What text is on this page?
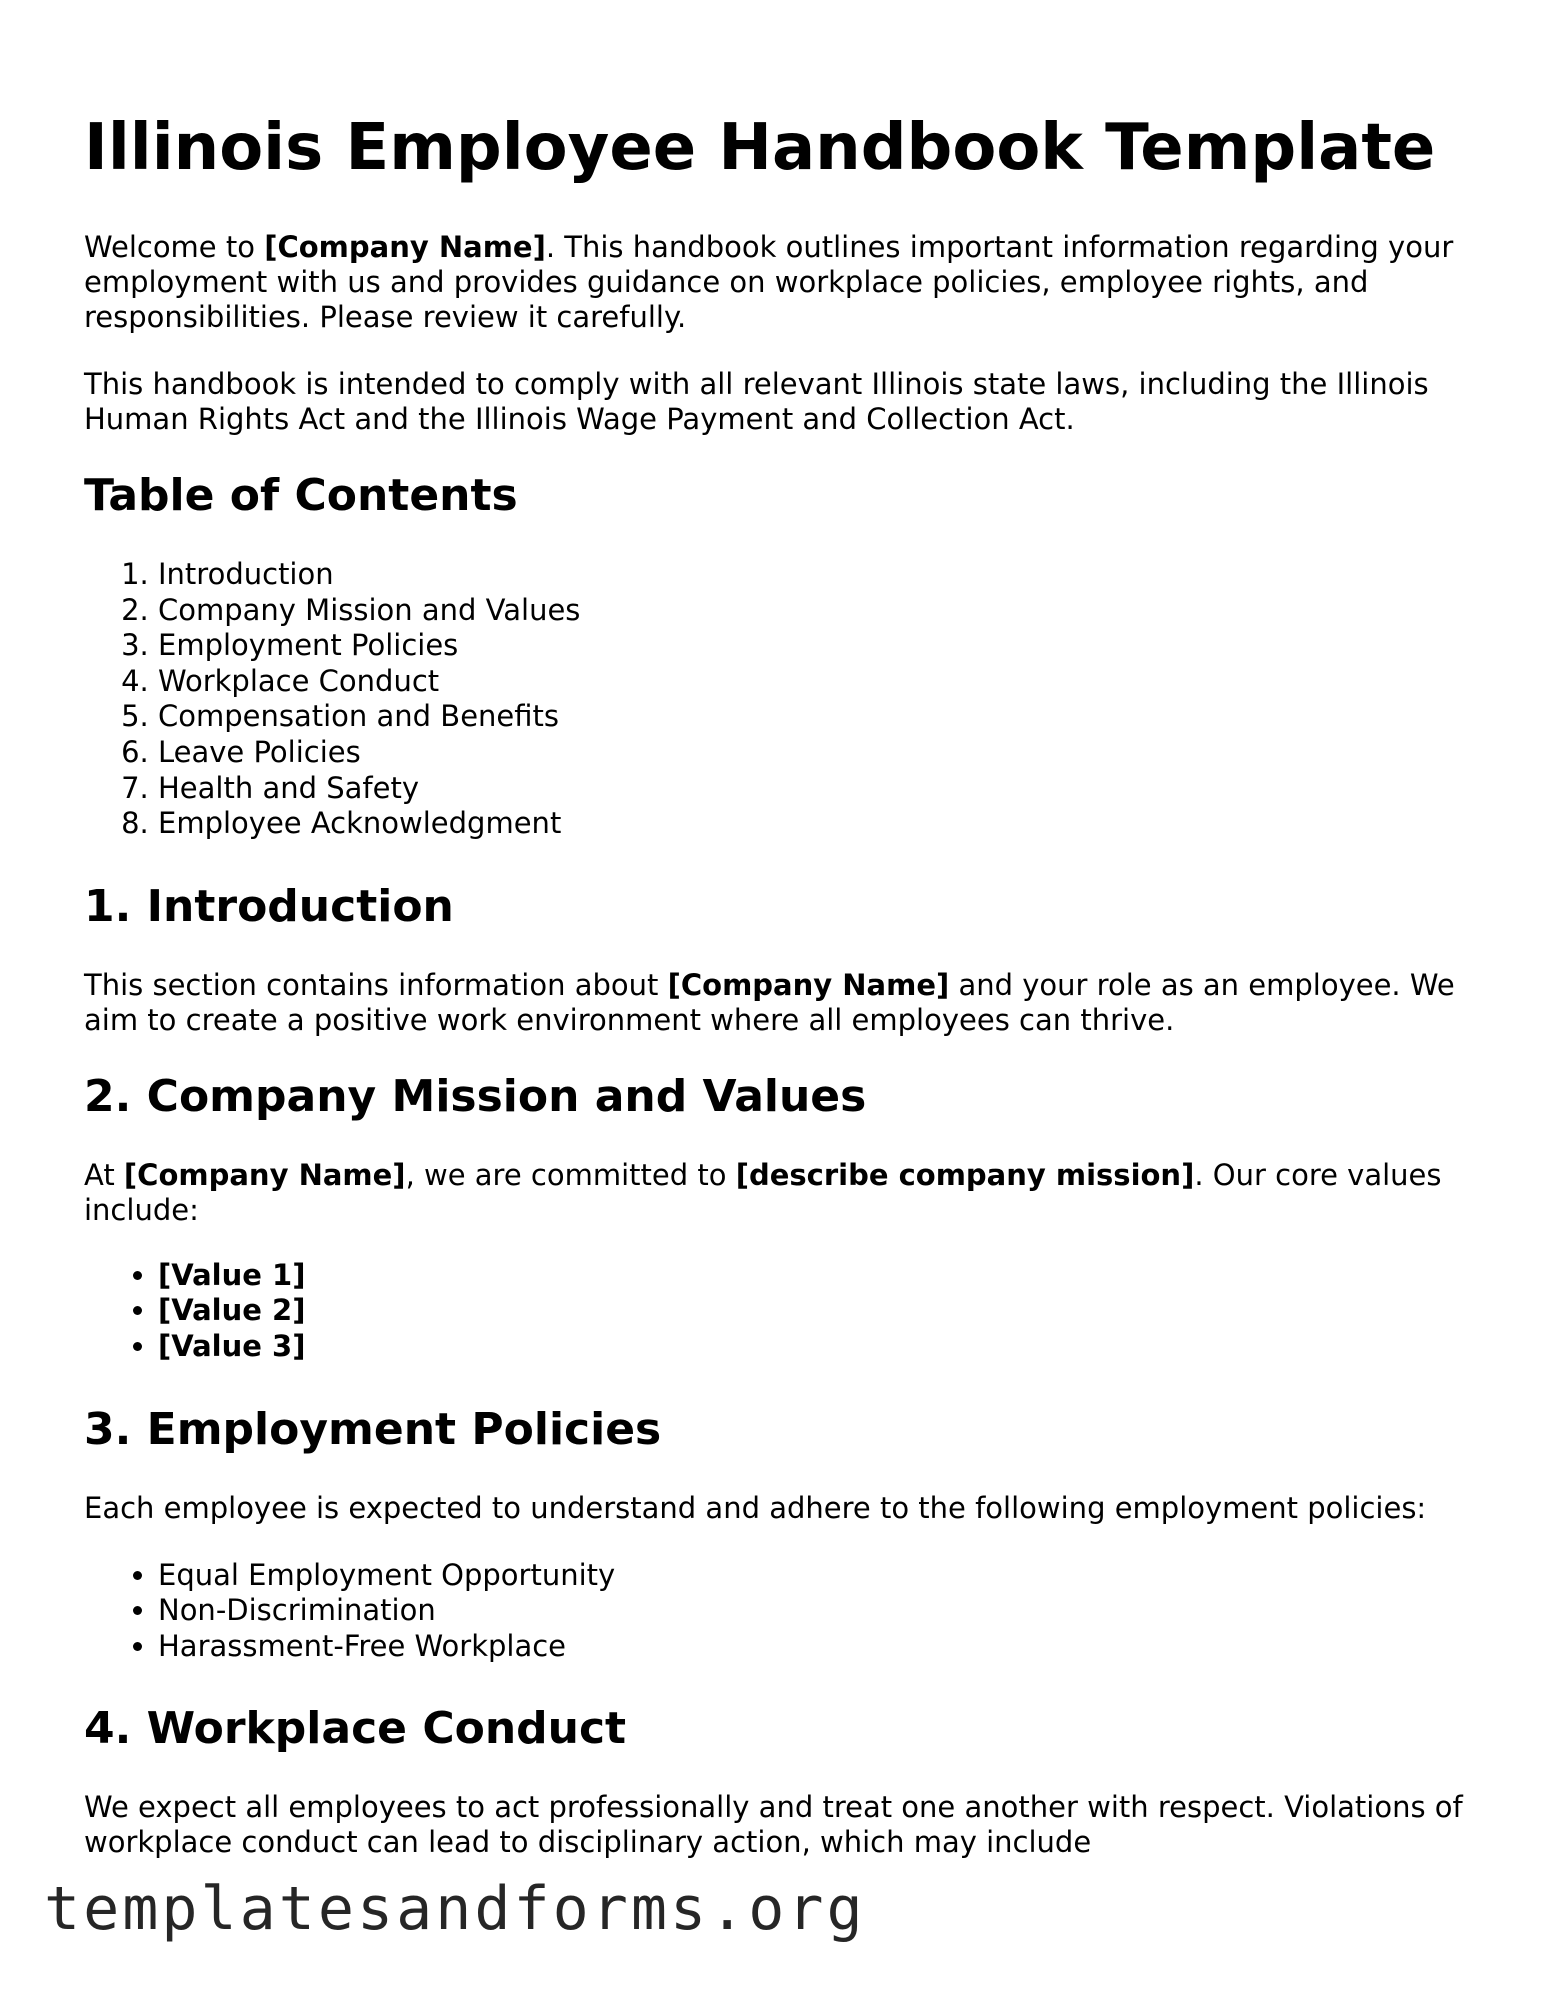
Illinois Employee Handbook Template

Welcome to [Company Name]. This handbook outlines important information regarding your employment with us and provides guidance on workplace policies, employee rights, and responsibilities. Please review it carefully.

This handbook is intended to comply with all relevant Illinois state laws, including the Illinois Human Rights Act and the Illinois Wage Payment and Collection Act.

Table of Contents
1. Introduction
2. Company Mission and Values
3. Employment Policies
4. Workplace Conduct
5. Compensation and Benefits
6. Leave Policies
7. Health and Safety
8. Employee Acknowledgment
1. Introduction

This section contains information about [Company Name] and your role as an employee. We aim to create a positive work environment where all employees can thrive.

2. Company Mission and Values

At [Company Name], we are committed to [describe company mission]. Our core values include:

• [Value 1]
• [Value 2]
• [Value 3]
3. Employment Policies

Each employee is expected to understand and adhere to the following employment policies:

• Equal Employment Opportunity
• Non-Discrimination
• Harassment-Free Workplace
4. Workplace Conduct

We expect all employees to act professionally and treat one another with respect. Violations of workplace conduct can lead to disciplinary action, which may include

templatesandforms.org
